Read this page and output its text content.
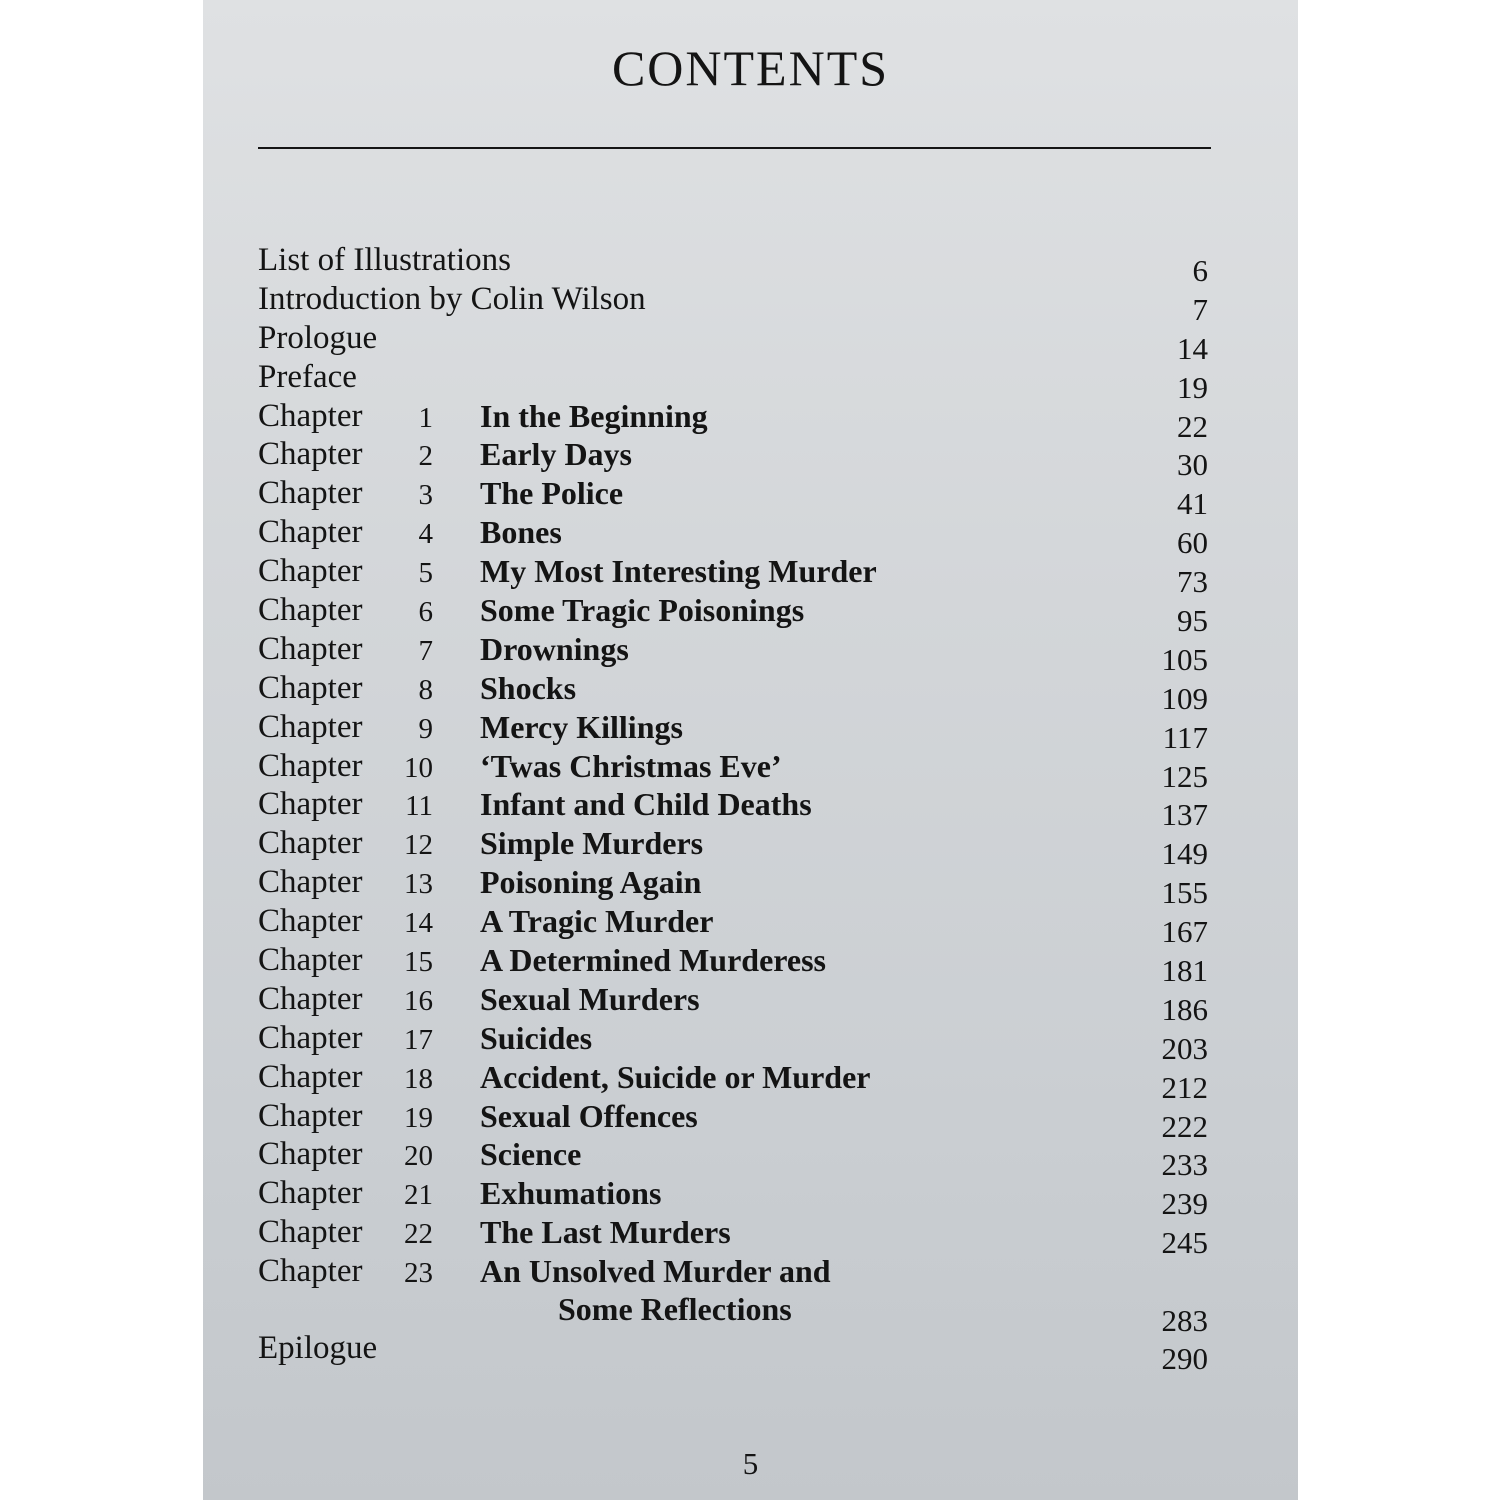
CONTENTS
List of Illustrations	6
Introduction by Colin Wilson	7
Prologue	14
Preface	19
Chapter	1 In the Beginning	22
Chapter	2 Early Days	30
Chapter	3 The Police	41
Chapter	4 Bones	60
Chapter	5 My Most Interesting Murder	73
Chapter	6 Some Tragic Poisonings	95
Chapter	7 Drownings	105
Chapter	8 Shocks	109
Chapter	9 Mercy Killings	117
Chapter	10 ‘Twas Christmas Eve’	125
Chapter	11 Infant and Child Deaths	137
Chapter	12 Simple Murders	149
Chapter	13 Poisoning Again	155
Chapter	14 A Tragic Murder	167
Chapter	15 A Determined Murderess	181
Chapter	16 Sexual Murders	186
Chapter	17 Suicides	203
Chapter	18 Accident, Suicide or Murder	212
Chapter	19 Sexual Offences	222
Chapter	20 Science	233
Chapter	21 Exhumations	239
Chapter	22 The Last Murders	245
Chapter	23 An Unsolved Murder and
Some Reflections	283
Epilogue	290
5
